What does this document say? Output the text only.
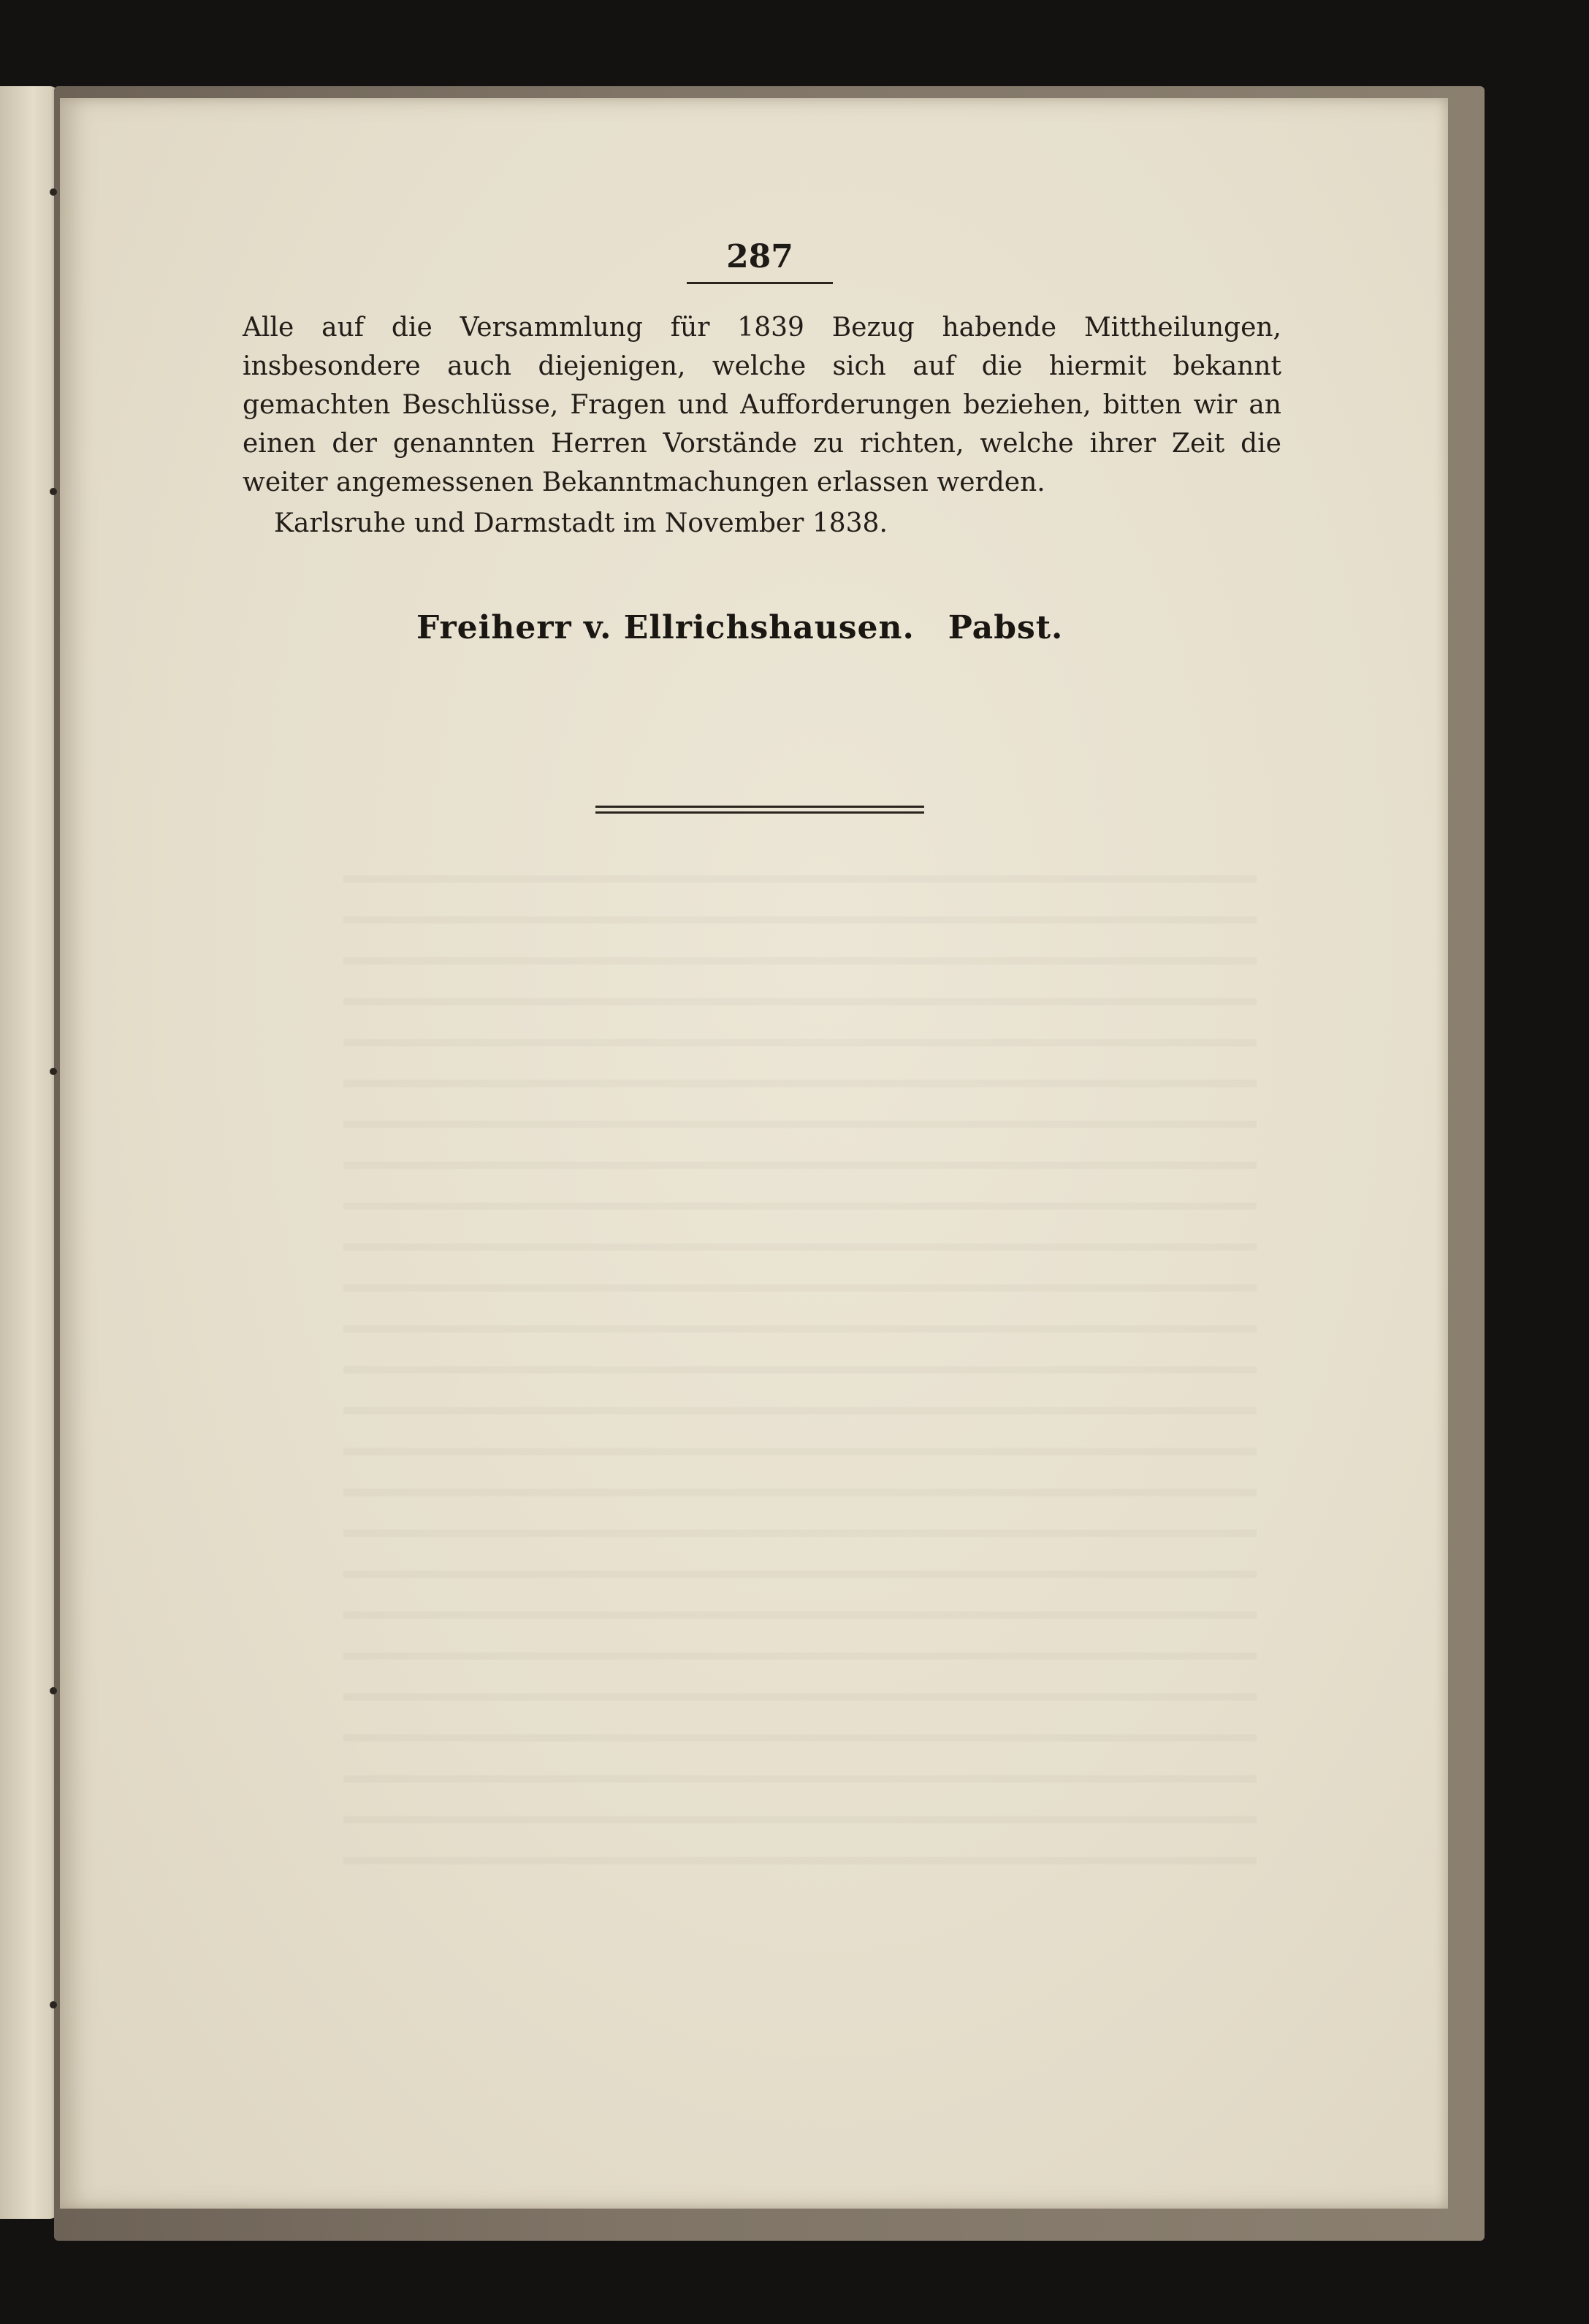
287

Alle auf die Versammlung für 1839 Bezug habende Mittheilungen, insbesondere auch diejenigen, welche sich auf die hiermit bekannt gemachten Beschlüsse, Fragen und Aufforderungen beziehen, bitten wir an einen der genannten Herren Vorstände zu richten, welche ihrer Zeit die weiter angemessenen Bekanntmachungen erlassen werden.

Karlsruhe und Darmstadt im November 1838.

Freiherr v. Ellrichshausen. Pabst.
